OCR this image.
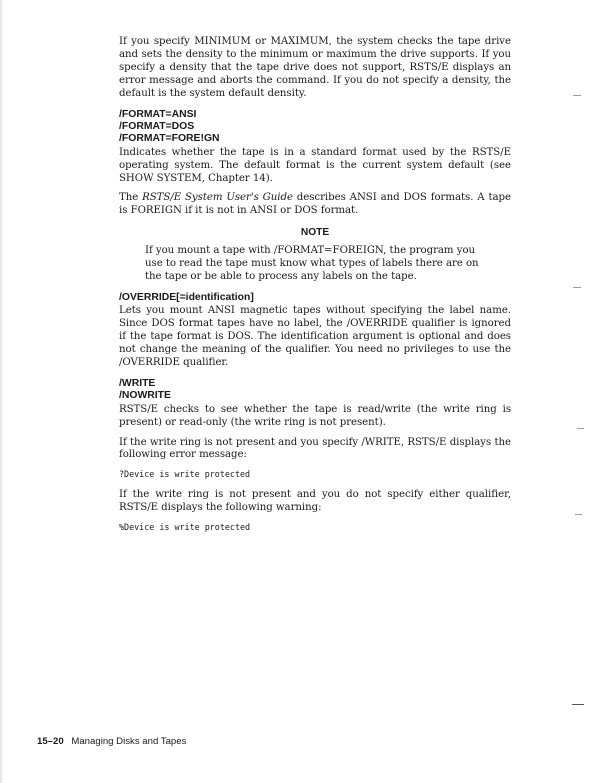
If you specify MINIMUM or MAXIMUM, the system checks the tape drive and sets the density to the minimum or maximum the drive supports. If you specify a density that the tape drive does not support, RSTS/E displays an error message and aborts the command. If you do not specify a density, the default is the system default density.

/FORMAT=ANSI
/FORMAT=DOS
/FORMAT=FORE!GN

Indicates whether the tape is in a standard format used by the RSTS/E operating system. The default format is the current system default (see SHOW SYSTEM, Chapter 14).

The RSTS/E System User's Guide describes ANSI and DOS formats. A tape is FOREIGN if it is not in ANSI or DOS format.

NOTE

If you mount a tape with /FORMAT=FOREIGN, the program you use to read the tape must know what types of labels there are on the tape or be able to process any labels on the tape.

/OVERRIDE[=identification]

Lets you mount ANSI magnetic tapes without specifying the label name. Since DOS format tapes have no label, the /OVERRIDE qualifier is ignored if the tape format is DOS. The identification argument is optional and does not change the meaning of the qualifier. You need no privileges to use the /OVERRIDE qualifier.

/WRITE
/NOWRITE

RSTS/E checks to see whether the tape is read/write (the write ring is present) or read-only (the write ring is not present).

If the write ring is not present and you specify /WRITE, RSTS/E displays the following error message:

?Device is write protected

If the write ring is not present and you do not specify either qualifier, RSTS/E displays the following warning:

%Device is write protected
15–20 Managing Disks and Tapes
